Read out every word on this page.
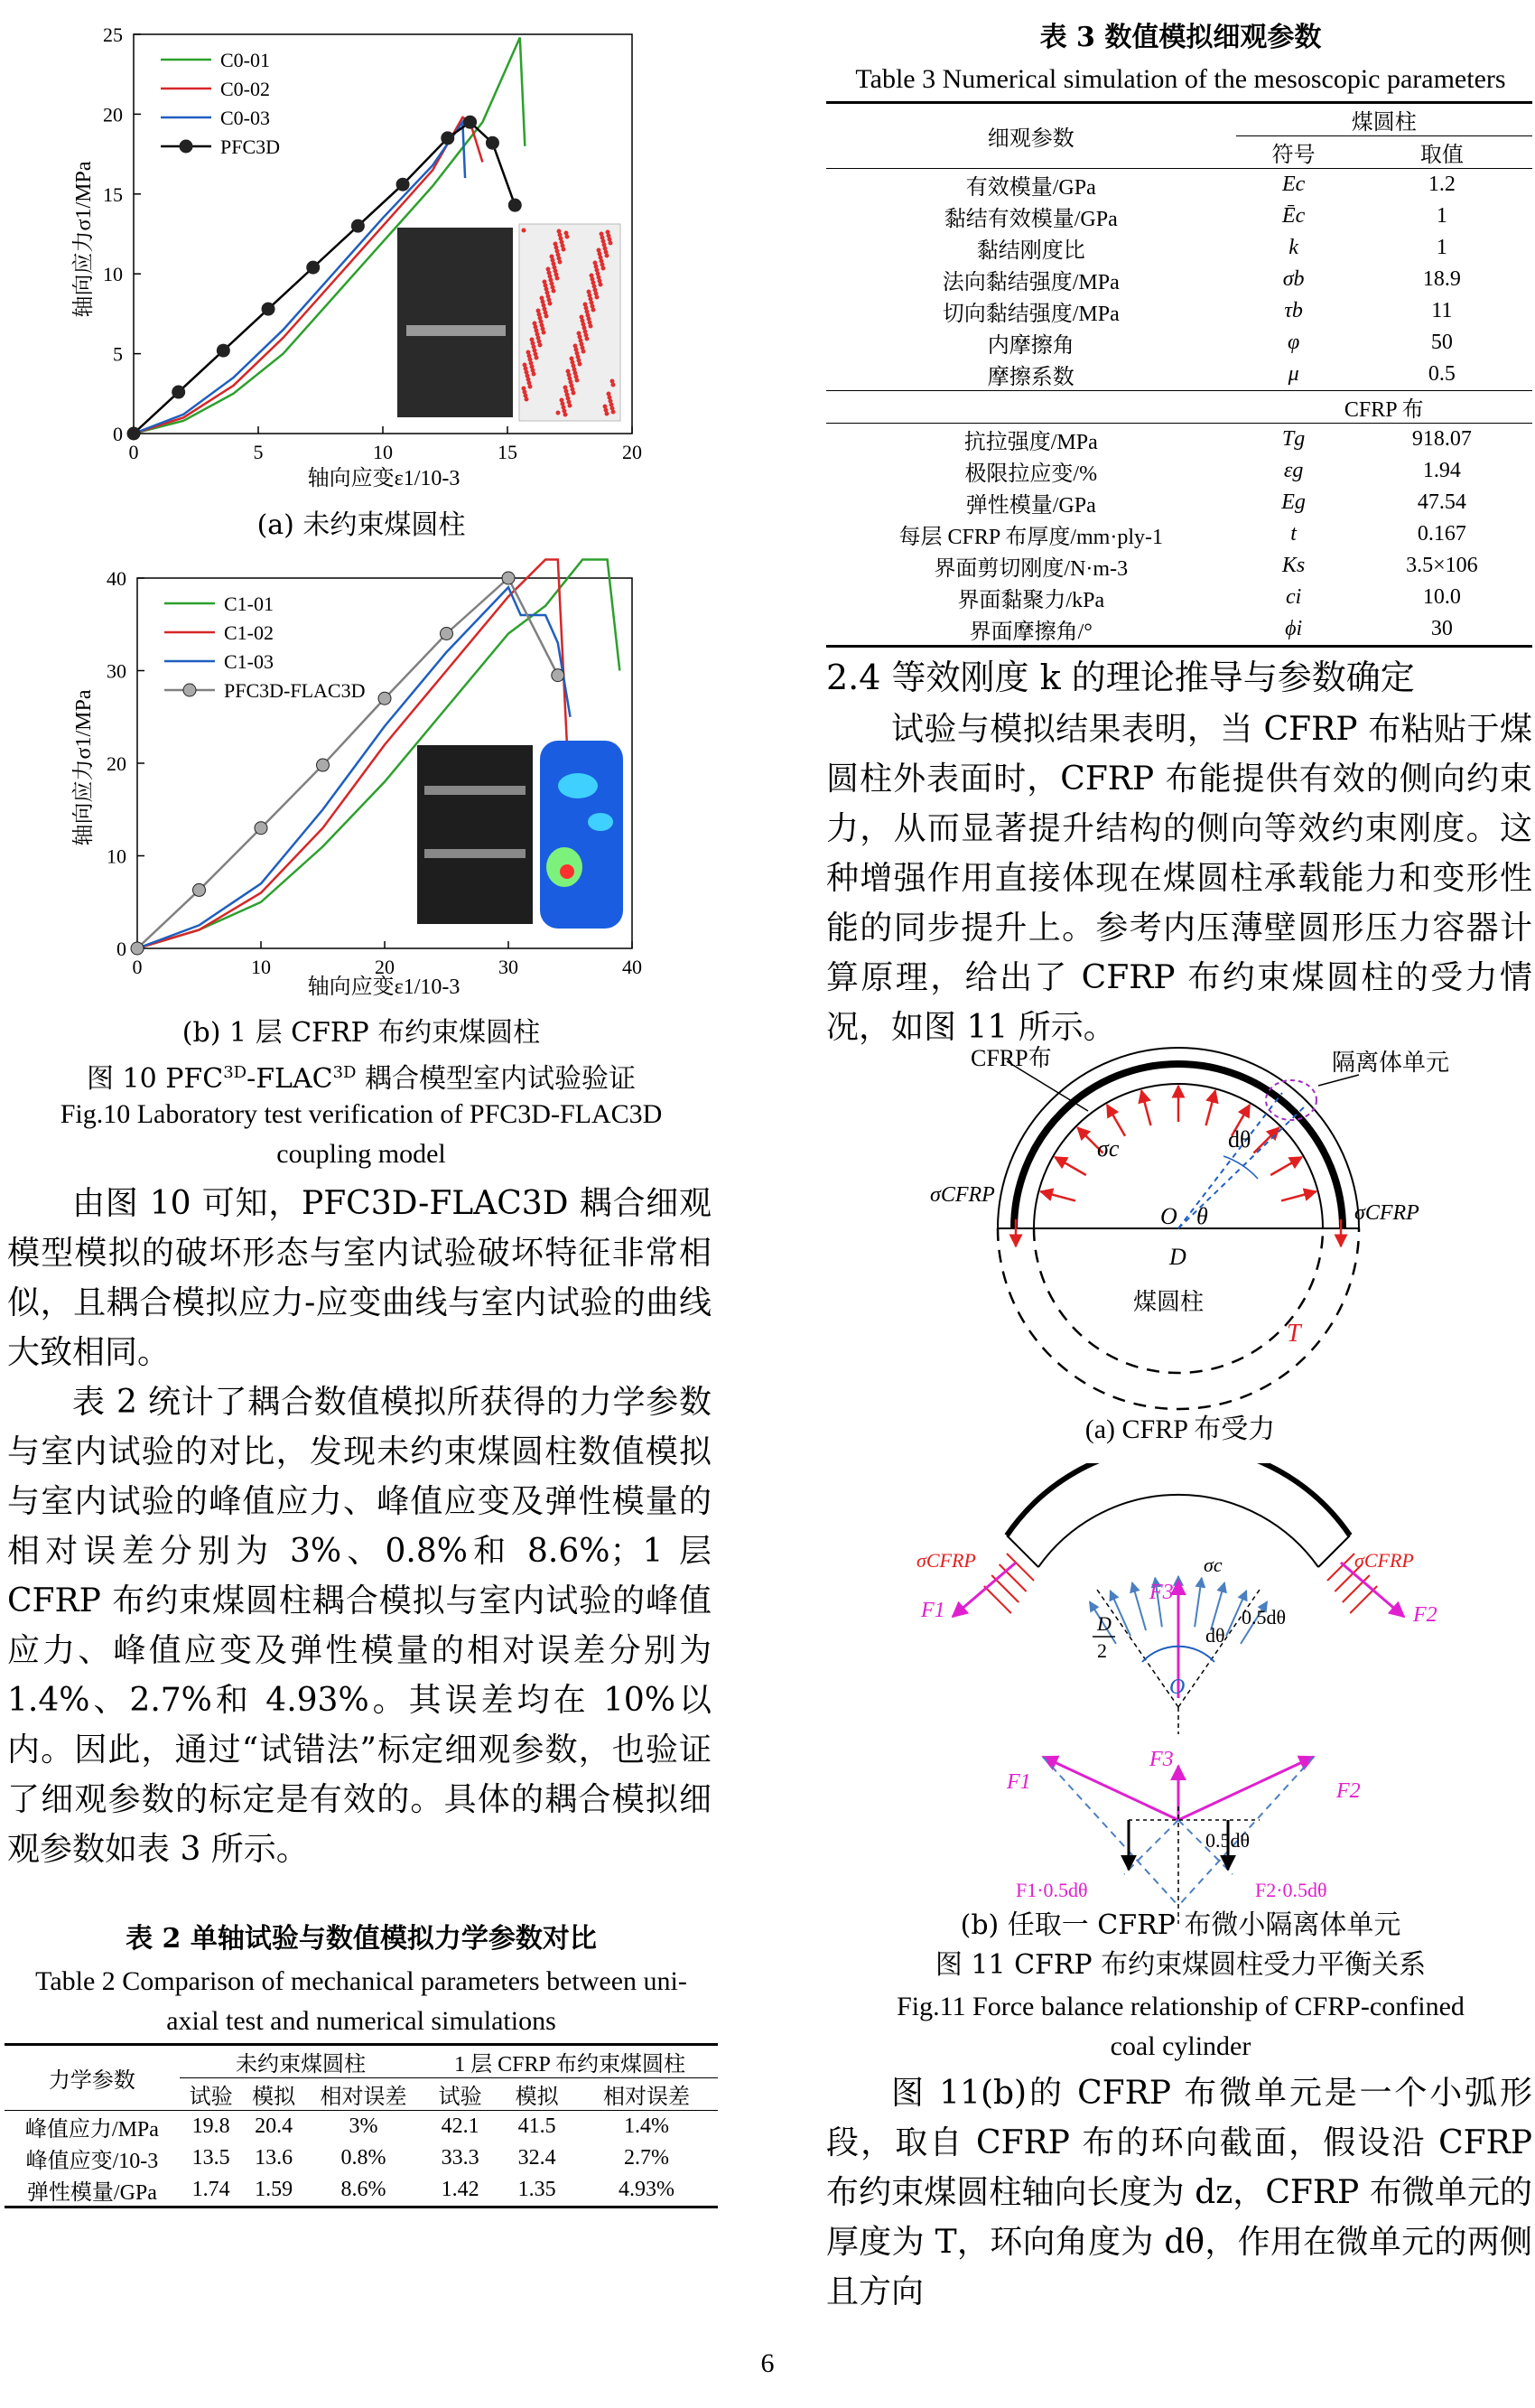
0	5	10	15	20
0
5
10
15
20
25
C0-01
C0-02
C0-03
PFC3D
轴向应变ε1/10-3
轴向应力σ1/MPa
(a) 未约束煤圆柱
0	10	20	30	40
0
10
20
30
40
C1-01
C1-02
C1-03
PFC3D-FLAC3D
轴向应变ε1/10-3
轴向应力σ1/MPa
(b) 1 层 CFRP 布约束煤圆柱
图 10 $PFC^{3D}-FLAC^{3D}$ 耦合模型室内试验验证
Fig.10 Laboratory test verification of PFC3D-FLAC3D
coupling model

由图 10 可知，PFC3D-FLAC3D 耦合细观模型模拟的破坏形态与室内试验破坏特征非常相似，且耦合模拟应力-应变曲线与室内试验的曲线大致相同。

表 2 统计了耦合数值模拟所获得的力学参数与室内试验的对比，发现未约束煤圆柱数值模拟与室内试验的峰值应力、峰值应变及弹性模量的相对误差分别为 3%、0.8%和 8.6%；1 层 CFRP 布约束煤圆柱耦合模拟与室内试验的峰值应力、峰值应变及弹性模量的相对误差分别为 1.4%、2.7%和 4.93%。其误差均在 10%以内。因此，通过“试错法”标定细观参数，也验证了细观参数的标定是有效的。具体的耦合模拟细观参数如表 3 所示。

表 2 单轴试验与数值模拟力学参数对比
Table 2 Comparison of mechanical parameters between uni-
axial test and numerical simulations
力学参数	未约束煤圆柱			1 层 CFRP 布约束煤圆柱		
	试验	模拟	相对误差	试验	模拟	相对误差
峰值应力/MPa	19.8	20.4	3%	42.1	41.5	1.4%
峰值应变/10-3	13.5	13.6	0.8%	33.3	32.4	2.7%
弹性模量/GPa	1.74	1.59	8.6%	1.42	1.35	4.93%
表 3 数值模拟细观参数
Table 3 Numerical simulation of the mesoscopic parameters
细观参数	煤圆柱	
	符号	取值
有效模量/GPa	Ec	1.2
黏结有效模量/GPa	Ēc	1
黏结刚度比	k	1
法向黏结强度/MPa	σb	18.9
切向黏结强度/MPa	τb	11
内摩擦角	φ	50
摩擦系数	μ	0.5
	CFRP 布	
抗拉强度/MPa	Tg	918.07
极限拉应变/%	εg	1.94
弹性模量/GPa	Eg	47.54
每层 CFRP 布厚度/mm·ply-1	t	0.167
界面剪切刚度/N·m-3	Ks	3.5×106
界面黏聚力/kPa	ci	10.0
界面摩擦角/°	ϕi	30
2.4 等效刚度 k 的理论推导与参数确定

试验与模拟结果表明，当 CFRP 布粘贴于煤圆柱外表面时，CFRP 布能提供有效的侧向约束力，从而显著提升结构的侧向等效约束刚度。这种增强作用直接体现在煤圆柱承载能力和变形性能的同步提升上。参考内压薄壁圆形压力容器计算原理，给出了 CFRP 布约束煤圆柱的受力情况，如图 11 所示。

CFRP布	隔离体单元
σc	dθ
O θ
σCFRP
σCFRP
D
煤圆柱
T
(a) CFRP 布受力
σCFRP	σCFRP
F1	F2
F3
σc
0.5dθ
dθ
D
2
O
F3
F1	F2
0.5dθ
F1·0.5dθ	F2·0.5dθ
(b) 任取一 CFRP 布微小隔离体单元
图 11 CFRP 布约束煤圆柱受力平衡关系
Fig.11 Force balance relationship of CFRP-confined
coal cylinder

图 11(b)的 CFRP 布微单元是一个小弧形段，取自 CFRP 布的环向截面，假设沿 CFRP 布约束煤圆柱轴向长度为 dz，CFRP 布微单元的厚度为 T，环向角度为 dθ，作用在微单元的两侧且方向

6
